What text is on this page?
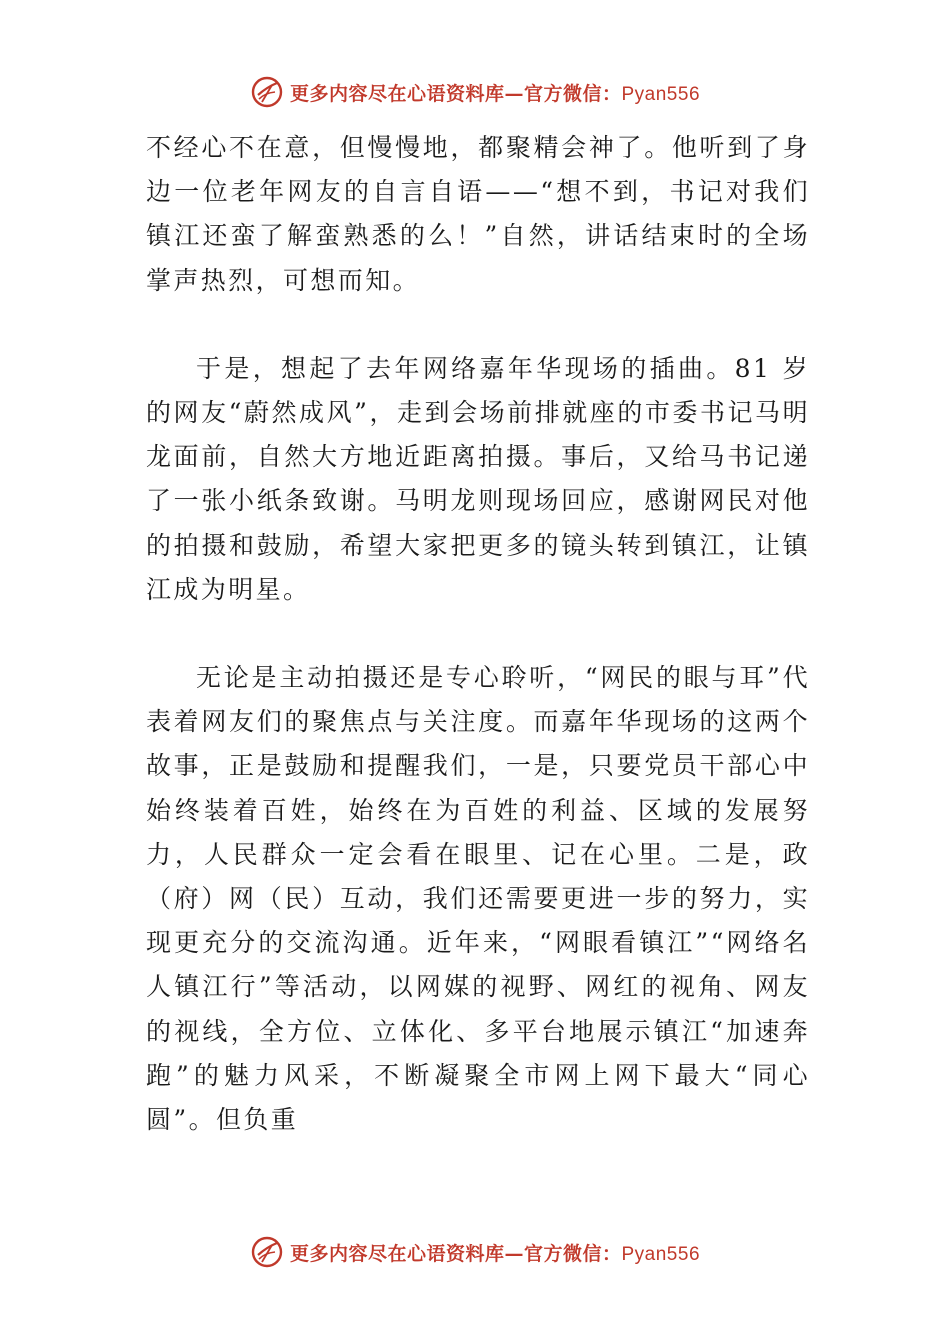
更多内容尽在心语资料库—官方微信：Pyan556

不经心不在意，但慢慢地，都聚精会神了。他听到了身边一位老年网友的自言自语——“想不到，书记对我们镇江还蛮了解蛮熟悉的么！”自然，讲话结束时的全场掌声热烈，可想而知。

于是，想起了去年网络嘉年华现场的插曲。81 岁的网友“蔚然成风”，走到会场前排就座的市委书记马明龙面前，自然大方地近距离拍摄。事后，又给马书记递了一张小纸条致谢。马明龙则现场回应，感谢网民对他的拍摄和鼓励，希望大家把更多的镜头转到镇江，让镇江成为明星。

无论是主动拍摄还是专心聆听，“网民的眼与耳”代表着网友们的聚焦点与关注度。而嘉年华现场的这两个故事，正是鼓励和提醒我们，一是，只要党员干部心中始终装着百姓，始终在为百姓的利益、区域的发展努力，人民群众一定会看在眼里、记在心里。二是，政（府）网（民）互动，我们还需要更进一步的努力，实现更充分的交流沟通。近年来，“网眼看镇江”“网络名人镇江行”等活动，以网媒的视野、网红的视角、网友的视线，全方位、立体化、多平台地展示镇江“加速奔跑”的魅力风采，不断凝聚全市网上网下最大“同心圆”。但负重

更多内容尽在心语资料库—官方微信：Pyan556
